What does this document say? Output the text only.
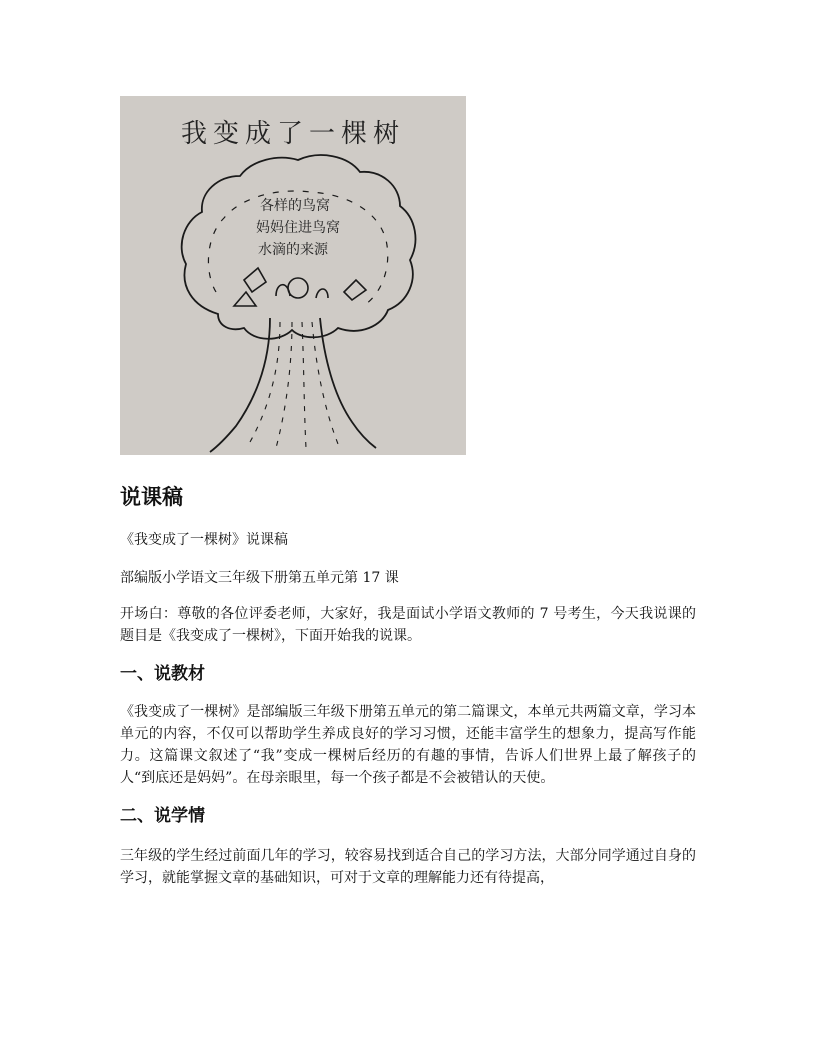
我变成了一棵树
各样的鸟窝
妈妈住进鸟窝
水滴的来源
说课稿

《我变成了一棵树》说课稿

部编版小学语文三年级下册第五单元第 17 课

开场白：尊敬的各位评委老师，大家好，我是面试小学语文教师的 7 号考生，今天我说课的题目是《我变成了一棵树》，下面开始我的说课。

一、说教材

《我变成了一棵树》是部编版三年级下册第五单元的第二篇课文，本单元共两篇文章，学习本单元的内容，不仅可以帮助学生养成良好的学习习惯，还能丰富学生的想象力，提高写作能力。这篇课文叙述了“我”变成一棵树后经历的有趣的事情，告诉人们世界上最了解孩子的人“到底还是妈妈”。在母亲眼里，每一个孩子都是不会被错认的天使。

二、说学情

三年级的学生经过前面几年的学习，较容易找到适合自己的学习方法，大部分同学通过自身的学习，就能掌握文章的基础知识，可对于文章的理解能力还有待提高，
